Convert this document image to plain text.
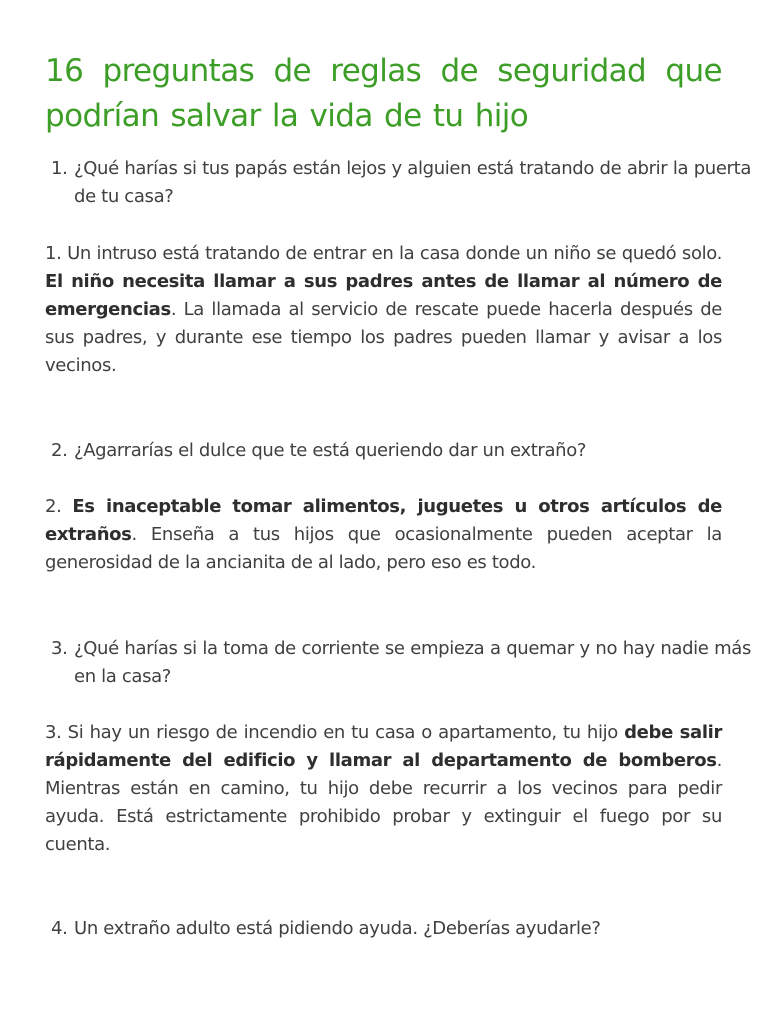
16 preguntas de reglas de seguridad que podrían salvar la vida de tu hijo

1. ¿Qué harías si tus papás están lejos y alguien está tratando de abrir la puerta de tu casa?

1. Un intruso está tratando de entrar en la casa donde un niño se quedó solo. El niño necesita llamar a sus padres antes de llamar al número de emergencias. La llamada al servicio de rescate puede hacerla después de sus padres, y durante ese tiempo los padres pueden llamar y avisar a los vecinos.

2. ¿Agarrarías el dulce que te está queriendo dar un extraño?

2. Es inaceptable tomar alimentos, juguetes u otros artículos de extraños. Enseña a tus hijos que ocasionalmente pueden aceptar la generosidad de la ancianita de al lado, pero eso es todo.

3. ¿Qué harías si la toma de corriente se empieza a quemar y no hay nadie más en la casa?

3. Si hay un riesgo de incendio en tu casa o apartamento, tu hijo debe salir rápidamente del edificio y llamar al departamento de bomberos. Mientras están en camino, tu hijo debe recurrir a los vecinos para pedir ayuda. Está estrictamente prohibido probar y extinguir el fuego por su cuenta.

4. Un extraño adulto está pidiendo ayuda. ¿Deberías ayudarle?
